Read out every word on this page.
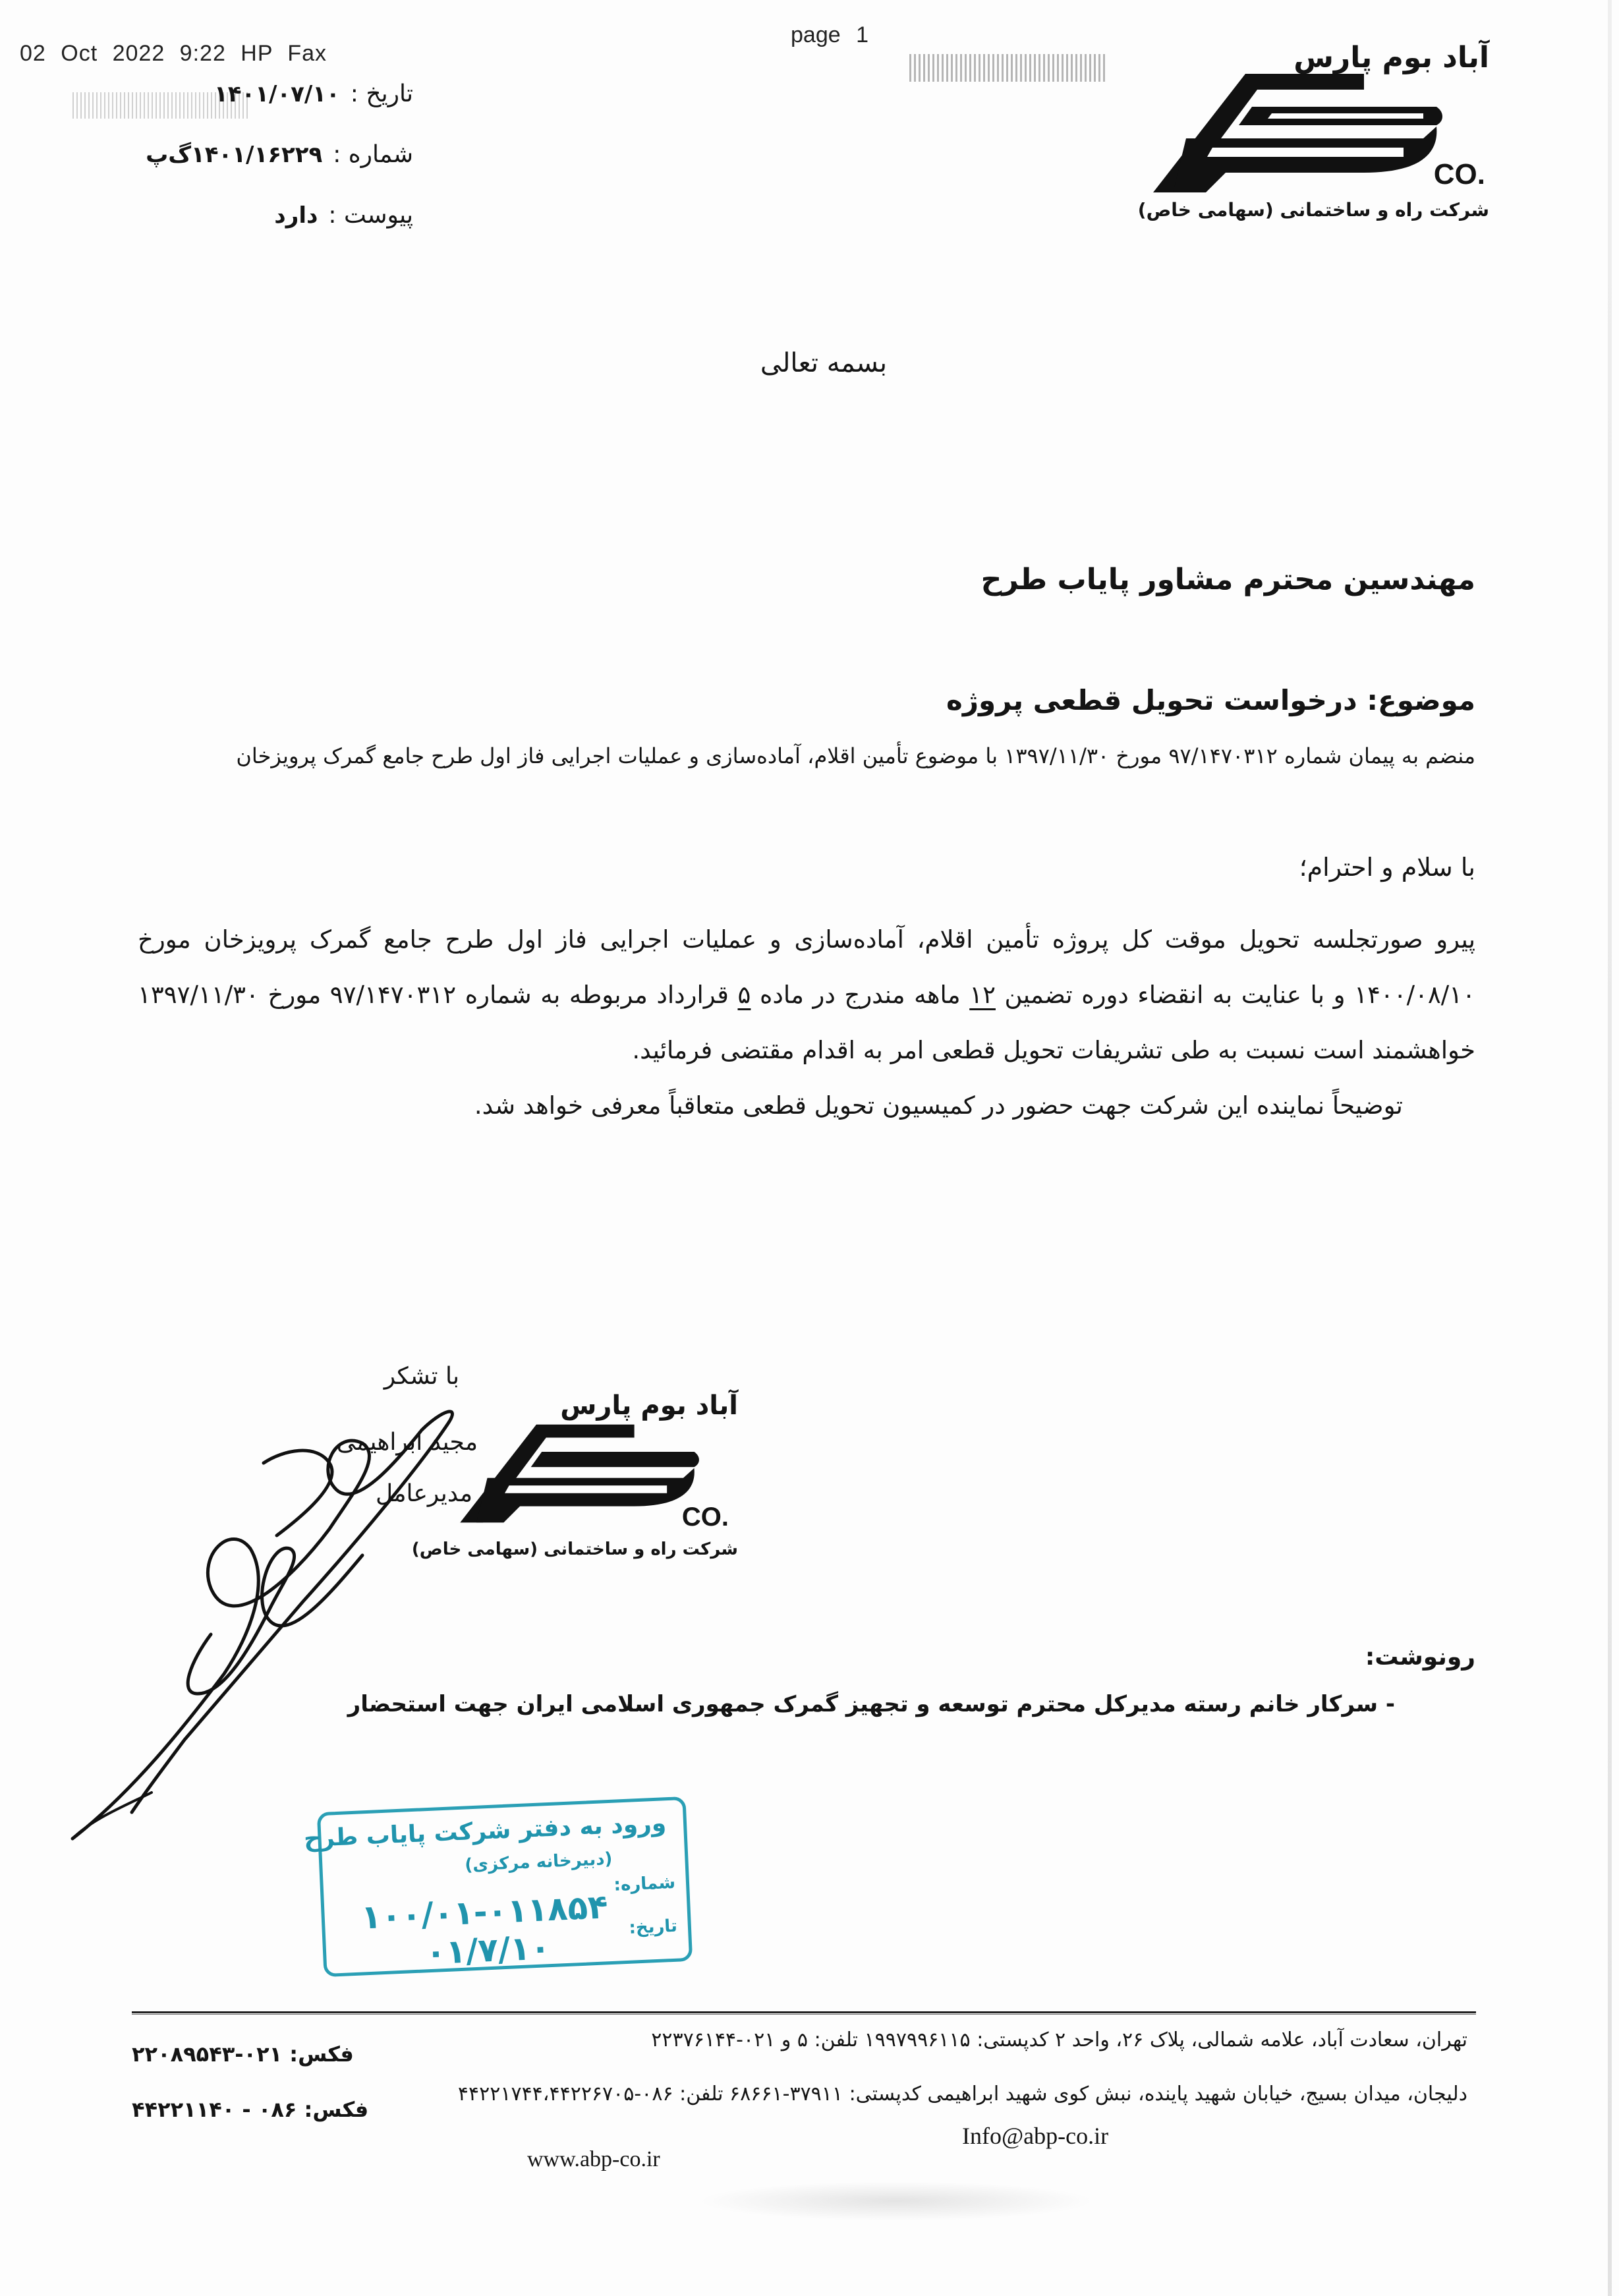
02 Oct 2022 9:22 HP Fax
page 1
آباد بوم پارس
CO.
شرکت راه و ساختمانی (سهامی خاص)
تاریخ :
۱۴۰۱/۰۷/۱۰
شماره :
۱۴۰۱/۱۶۲۲۹گ‌پ
پیوست :
دارد
بسمه تعالی
مهندسین محترم مشاور پایاب طرح
موضوع: درخواست تحویل قطعی پروژه
منضم به پیمان شماره ۹۷/۱۴۷۰۳۱۲ مورخ ۱۳۹۷/۱۱/۳۰ با موضوع تأمین اقلام، آماده‌سازی و عملیات اجرایی فاز اول طرح جامع گمرک پرویزخان
با سلام و احترام؛

پیرو صورتجلسه تحویل موقت کل پروژه تأمین اقلام، آماده‌سازی و عملیات اجرایی فاز اول طرح جامع گمرک پرویزخان مورخ ۱۴۰۰/۰۸/۱۰ و با عنایت به انقضاء دوره تضمین ۱۲ ماهه مندرج در ماده ۵ قرارداد مربوطه به شماره ۹۷/۱۴۷۰۳۱۲ مورخ ۱۳۹۷/۱۱/۳۰ خواهشمند است نسبت به طی تشریفات تحویل قطعی امر به اقدام مقتضی فرمائید.

توضیحاً نماینده این شرکت جهت حضور در کمیسیون تحویل قطعی متعاقباً معرفی خواهد شد.

با تشکر
مجید ابراهیمی
مدیرعامل
آباد بوم پارس
CO.
شرکت راه و ساختمانی (سهامی خاص)
رونوشت:
- سرکار خانم رسته مدیرکل محترم توسعه و تجهیز گمرک جمهوری اسلامی ایران جهت استحضار
ورود به دفتر شرکت پایاب طرح
(دبیرخانه مرکزی)
شماره:
تاریخ:
۱۰۰/۰۱-۰۱۱۸۵۴
۰۱/۷/۱۰
تهران، سعادت آباد، علامه شمالی، پلاک ۲۶، واحد ۲ کدپستی: ۱۹۹۷۹۹۶۱۱۵ تلفن: ۵ و ۰۲۱-۲۲۳۷۶۱۴۴
فکس: ۰۲۱-۲۲۰۸۹۵۴۳
دلیجان، میدان بسیج، خیابان شهید پاینده، نبش کوی شهید ابراهیمی کدپستی: ۳۷۹۱۱-۶۸۶۶۱ تلفن: ۰۸۶-۴۴۲۲۱۷۴۴،۴۴۲۲۶۷۰۵
فکس: ۰۸۶ - ۴۴۲۲۱۱۴۰
www.abp-co.ir
Info@abp-co.ir
